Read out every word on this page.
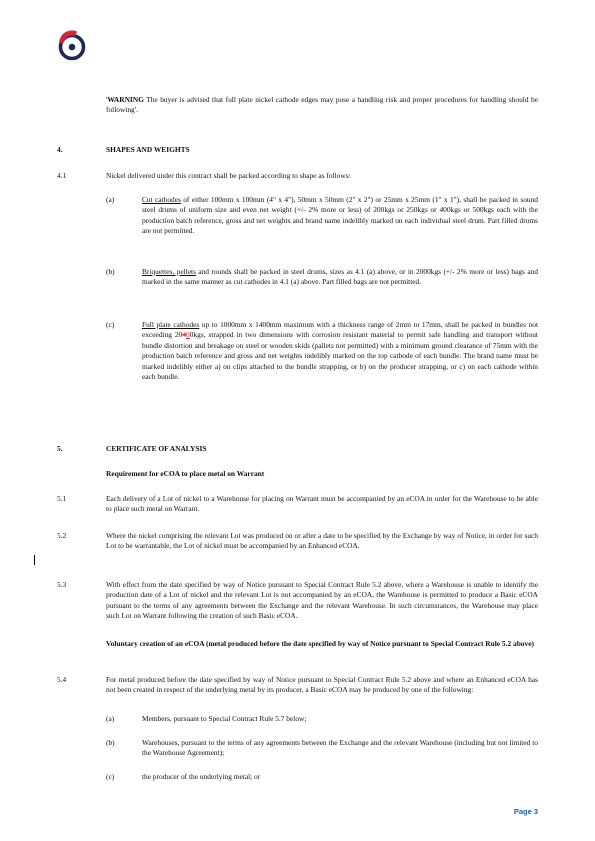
'WARNING The buyer is advised that full plate nickel cathode edges may pose a handling risk and proper procedures for handling should be following'.
4.	SHAPES AND WEIGHTS
4.1	Nickel delivered under this contract shall be packed according to shape as follows:
(a)	Cut cathodes of either 100mm x 100mm (4" x 4"), 50mm x 50mm (2" x 2") or 25mm x 25mm (1" x 1"), shall be packed in sound steel drums of uniform size and even net weight (+/- 2% more or less) of 200kgs or 250kgs or 400kgs or 500kgs each with the production batch reference, gross and net weights and brand name indelibly marked on each individual steel drum. Part filled drums are not permitted.
(b)	Briquettes, pellets and rounds shall be packed in steel drums, sizes as 4.1 (a) above, or in 2000kgs (+/- 2% more or less) bags and marked in the same manner as cut cathodes in 4.1 (a) above. Part filled bags are not permitted.
(c)	Full plate cathodes up to 1000mm x 1400mm maximum with a thickness range of 2mm to 17mm, shall be packed in bundles not exceeding 20400kgs, strapped in two dimensions with corrosion resistant material to permit safe handling and transport without bundle distortion and breakage on steel or wooden skids (pallets not permitted) with a minimum ground clearance of 75mm with the production batch reference and gross and net weights indelibly marked on the top cathode of each bundle. The brand name must be marked indelibly either a) on clips attached to the bundle strapping, or b) on the producer strapping, or c) on each cathode within each bundle.
5.	CERTIFICATE OF ANALYSIS
Requirement for eCOA to place metal on Warrant
5.1	Each delivery of a Lot of nickel to a Warehouse for placing on Warrant must be accompanied by an eCOA in order for the Warehouse to be able to place such metal on Warrant.
5.2	Where the nickel comprising the relevant Lot was produced on or after a date to be specified by the Exchange by way of Notice, in order for such Lot to be warrantable, the Lot of nickel must be accompanied by an Enhanced eCOA.
5.3	With effect from the date specified by way of Notice pursuant to Special Contract Rule 5.2 above, where a Warehouse is unable to identify the production date of a Lot of nickel and the relevant Lot is not accompanied by an eCOA, the Warehouse is permitted to produce a Basic eCOA pursuant to the terms of any agreements between the Exchange and the relevant Warehouse. In such circumstances, the Warehouse may place such Lot on Warrant following the creation of such Basic eCOA.
Voluntary creation of an eCOA (metal produced before the date specified by way of Notice pursuant to Special Contract Rule 5.2 above)
5.4	For metal produced before the date specified by way of Notice pursuant to Special Contract Rule 5.2 above and where an Enhanced eCOA has not been created in respect of the underlying metal by its producer, a Basic eCOA may be produced by one of the following:
(a)	Members, pursuant to Special Contract Rule 5.7 below;
(b)	Warehouses, pursuant to the terms of any agreements between the Exchange and the relevant Warehouse (including but not limited to the Warehouse Agreement);
(c)	the producer of the underlying metal; or
Page 3
